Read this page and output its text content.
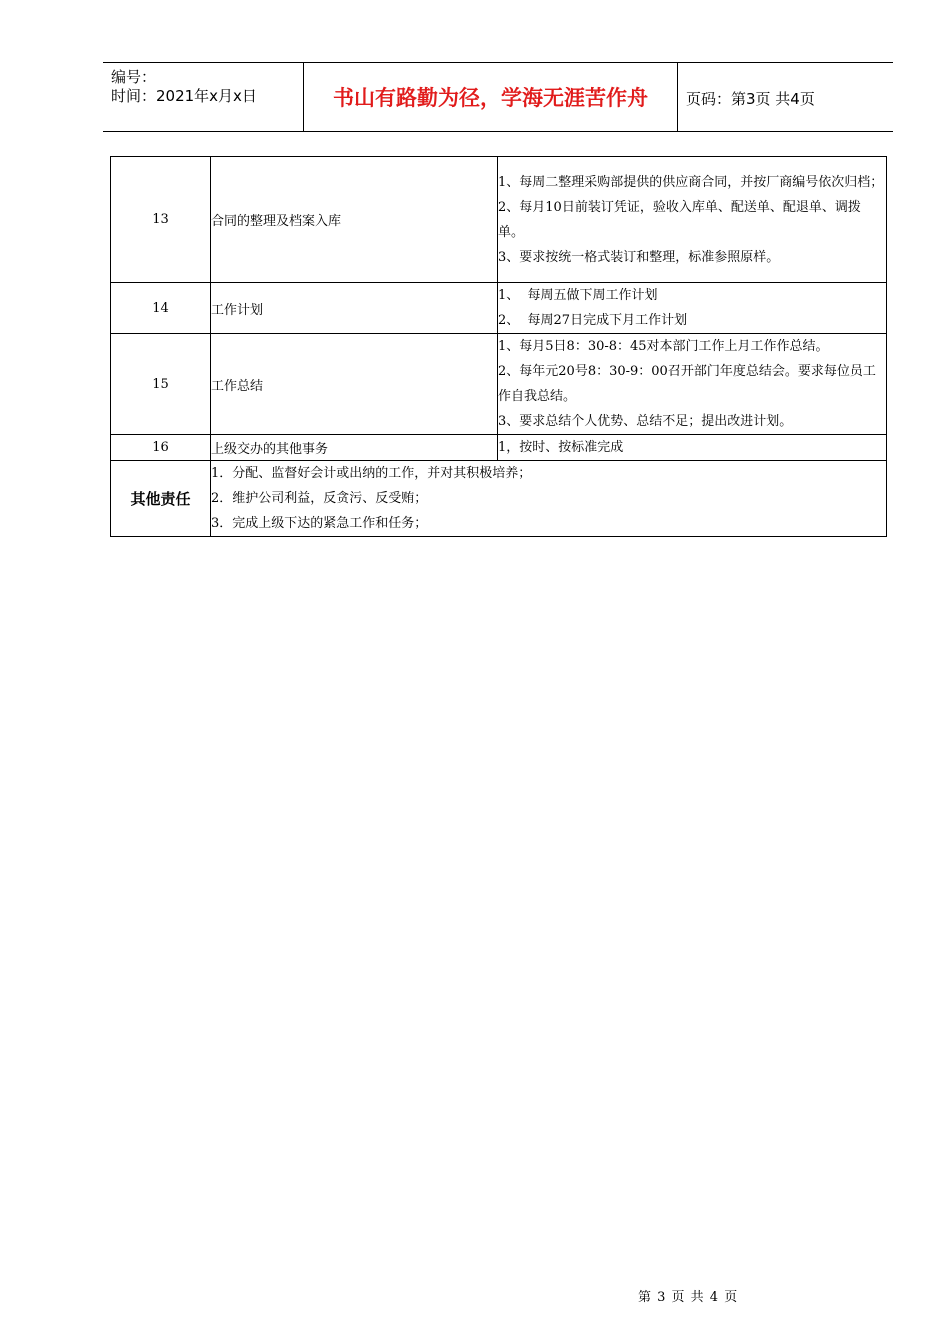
编号：
时间：2021年x月x日	书山有路勤为径，学海无涯苦作舟	页码：第3页 共4页
13	合同的整理及档案入库	1、每周二整理采购部提供的供应商合同，并按厂商编号依次归档；
2、每月10日前装订凭证，验收入库单、配送单、配退单、调拨单。
3、要求按统一格式装订和整理，标准参照原样。

14	工作计划	1、  每周五做下周工作计划
2、  每周27日完成下月工作计划

15	工作总结	1、每月5日8：30-8：45对本部门工作上月工作作总结。
2、每年元20号8：30-9：00召开部门年度总结会。要求每位员工作自我总结。
3、要求总结个人优势、总结不足；提出改进计划。

16	上级交办的其他事务	1，按时、按标准完成

其他责任	1．分配、监督好会计或出纳的工作，并对其积极培养；
2．维护公司利益，反贪污、反受贿；
3．完成上级下达的紧急工作和任务；	
第 3 页 共 4 页
